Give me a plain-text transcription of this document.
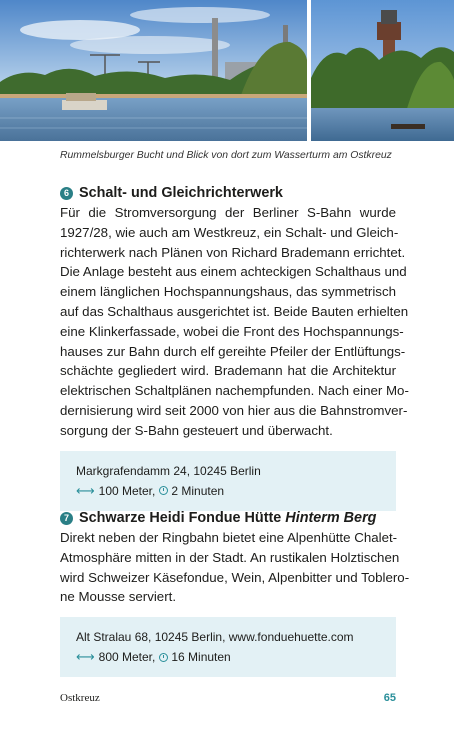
Rummelsburger Bucht und Blick von dort zum Wasserturm am Ostkreuz
6 Schalt- und Gleichrichterwerk

Für die Stromversorgung der Berliner S-Bahn wurde
1927/28, wie auch am Westkreuz, ein Schalt- und Gleich-
richterwerk nach Plänen von Richard Brademann errichtet.
Die Anlage besteht aus einem achteckigen Schalthaus und
einem länglichen Hochspannungshaus, das symmetrisch
auf das Schalthaus ausgerichtet ist. Beide Bauten erhielten
eine Klinkerfassade, wobei die Front des Hochspannungs-
hauses zur Bahn durch elf gereihte Pfeiler der Entlüftungs-
schächte gegliedert wird. Brademann hat die Architektur
elektrischen Schaltplänen nachempfunden. Nach einer Mo-
dernisierung wird seit 2000 von hier aus die Bahnstromver-
sorgung der S-Bahn gesteuert und überwacht.

Markgrafendamm 24, 10245 Berlin
⟷ 100 Meter, 2 Minuten
7 Schwarze Heidi Fondue Hütte Hinterm Berg

Direkt neben der Ringbahn bietet eine Alpenhütte Chalet-
Atmosphäre mitten in der Stadt. An rustikalen Holztischen
wird Schweizer Käsefondue, Wein, Alpenbitter und Toblero-
ne Mousse serviert.

Alt Stralau 68, 10245 Berlin, www.fonduehuette.com
⟷ 800 Meter, 16 Minuten
Ostkreuz	65
